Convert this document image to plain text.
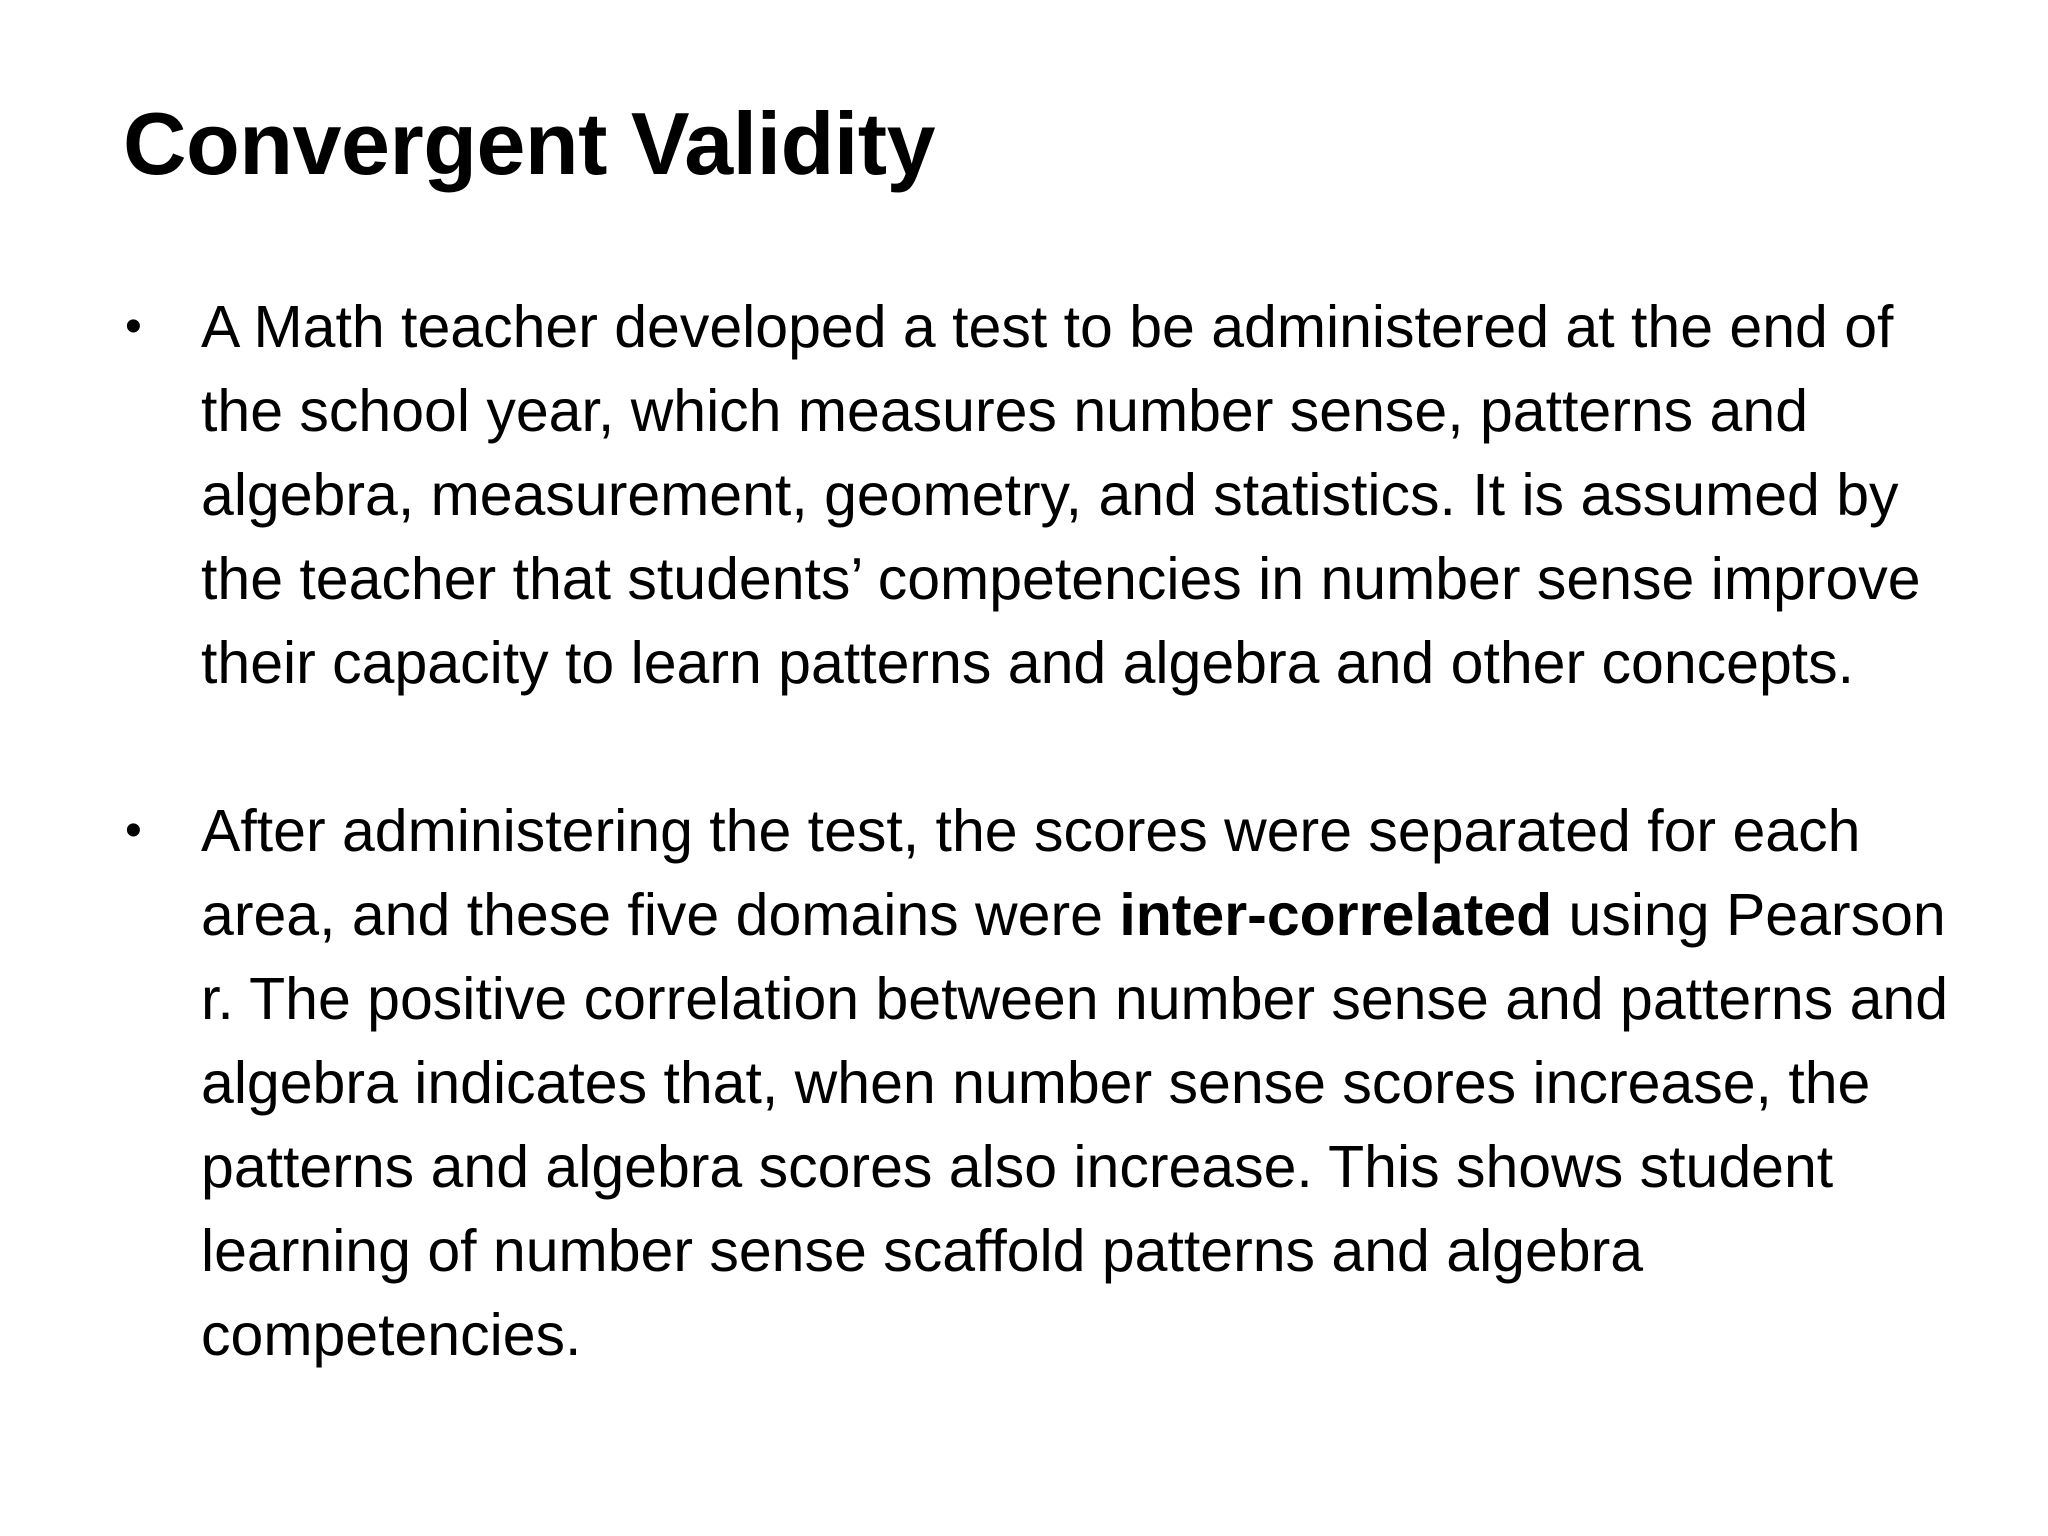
Convergent Validity
• A Math teacher developed a test to be administered at the end of the school year, which measures number sense, patterns and algebra, measurement, geometry, and statistics. It is assumed by the teacher that students’ competencies in number sense improve their capacity to learn patterns and algebra and other concepts.
• After administering the test, the scores were separated for each area, and these five domains were inter-correlated using Pearson r. The positive correlation between number sense and patterns and algebra indicates that, when number sense scores increase, the patterns and algebra scores also increase. This shows student learning of number sense scaffold patterns and algebra competencies.
